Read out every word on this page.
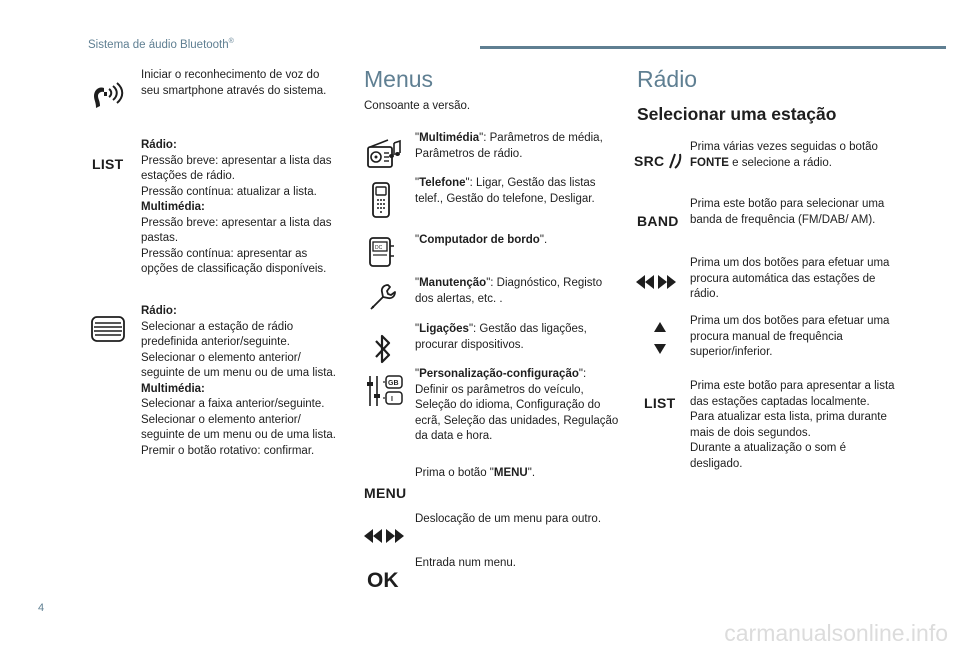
Sistema de áudio Bluetooth®
Iniciar o reconhecimento de voz do seu smartphone através do sistema.
LIST
Rádio:
Pressão breve: apresentar a lista das estações de rádio.
Pressão contínua: atualizar a lista.
Multimédia:
Pressão breve: apresentar a lista das pastas.
Pressão contínua: apresentar as opções de classificação disponíveis.
Rádio:
Selecionar a estação de rádio predefinida anterior/seguinte.
Selecionar o elemento anterior/ seguinte de um menu ou de uma lista.
Multimédia:
Selecionar a faixa anterior/seguinte.
Selecionar o elemento anterior/ seguinte de um menu ou de uma lista.
Premir o botão rotativo: confirmar.
Menus
Consoante a versão.
"Multimédia": Parâmetros de média, Parâmetros de rádio.
"Telefone": Ligar, Gestão das listas telef., Gestão do telefone, Desligar.
DC
"Computador de bordo".
"Manutenção": Diagnóstico, Registo dos alertas, etc. .
"Ligações": Gestão das ligações, procurar dispositivos.
GB
I
"Personalização-configuração": Definir os parâmetros do veículo, Seleção do idioma, Configuração do ecrã, Seleção das unidades, Regulação da data e hora.
MENU
Prima o botão "MENU".
Deslocação de um menu para outro.
OK
Entrada num menu.
Rádio
Selecionar uma estação
SRC
Prima várias vezes seguidas o botão FONTE e selecione a rádio.
BAND
Prima este botão para selecionar uma banda de frequência (FM/DAB/ AM).
Prima um dos botões para efetuar uma procura automática das estações de rádio.
Prima um dos botões para efetuar uma procura manual de frequência superior/inferior.
LIST
Prima este botão para apresentar a lista das estações captadas localmente.
Para atualizar esta lista, prima durante mais de dois segundos.
Durante a atualização o som é desligado.
4
carmanualsonline.info
